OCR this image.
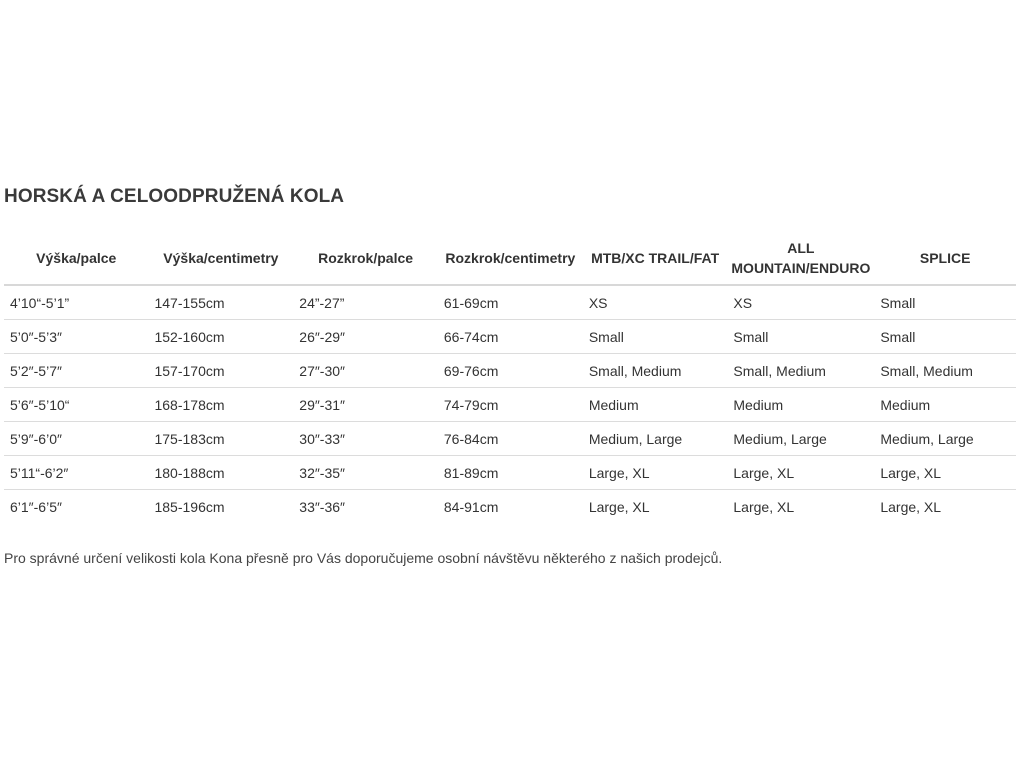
HORSKÁ A CELOODPRUŽENÁ KOLA
Výška/palce	Výška/centimetry	Rozkrok/palce	Rozkrok/centimetry	MTB/XC TRAIL/FAT	ALL MOUNTAIN/ENDURO	SPLICE
4’10“-5’1”	147-155cm	24”-27”	61-69cm	XS	XS	Small
5’0″-5’3″	152-160cm	26″-29″	66-74cm	Small	Small	Small
5’2″-5’7″	157-170cm	27″-30″	69-76cm	Small, Medium	Small, Medium	Small, Medium
5’6″-5’10“	168-178cm	29″-31″	74-79cm	Medium	Medium	Medium
5’9″-6’0″	175-183cm	30″-33″	76-84cm	Medium, Large	Medium, Large	Medium, Large
5’11“-6’2″	180-188cm	32″-35″	81-89cm	Large, XL	Large, XL	Large, XL
6’1″-6’5″	185-196cm	33″-36″	84-91cm	Large, XL	Large, XL	Large, XL

Pro správné určení velikosti kola Kona přesně pro Vás doporučujeme osobní návštěvu některého z našich prodejců.
